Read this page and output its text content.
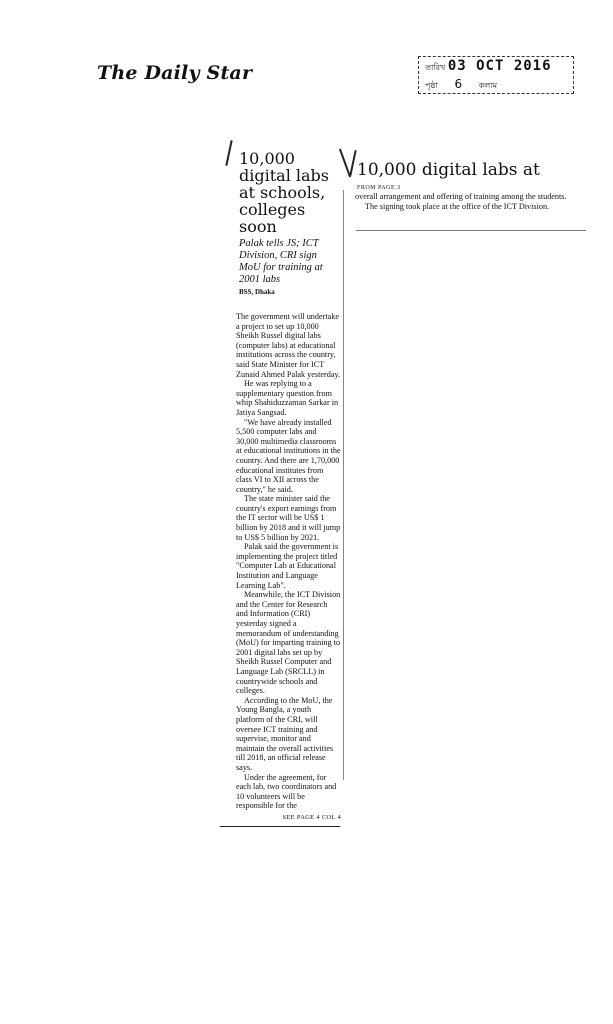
The Daily Star	তারিখ 03 OCT 2016
পৃষ্ঠা 6 কলাম
10,000 digital labs at schools, colleges soon
Palak tells JS; ICT Division, CRI sign MoU for training at 2001 labs
BSS, Dhaka

The government will undertake a project to set up 10,000 Sheikh Russel digital labs (computer labs) at educational institutions across the country, said State Minister for ICT Zunaid Ahmed Palak yesterday.

He was replying to a supplementary question from whip Shahiduzzaman Sarkar in Jatiya Sangsad.

"We have already installed 5,500 computer labs and 30,000 multimedia classrooms at educational institutions in the country. And there are 1,70,000 educational institutes from class VI to XII across the country," he said.

The state minister said the country's export earnings from the IT sector will be US$ 1 billion by 2018 and it will jump to US$ 5 billion by 2021.

Palak said the government is implementing the project titled "Computer Lab at Educational Institution and Language Learning Lab".

Meanwhile, the ICT Division and the Center for Research and Information (CRI) yesterday signed a memorandum of understanding (MoU) for imparting training to 2001 digital labs set up by Sheikh Russel Computer and Language Lab (SRCLL) in countrywide schools and colleges.

According to the MoU, the Young Bangla, a youth platform of the CRI, will oversee ICT training and supervise, monitor and maintain the overall activities till 2018, an official release says.

Under the agreement, for each lab, two coordinators and 10 volunteers will be responsible for the

SEE PAGE 4 COL 4
10,000 digital labs at
FROM PAGE 3

overall arrangement and offering of training among the students.

The signing took place at the office of the ICT Division.
